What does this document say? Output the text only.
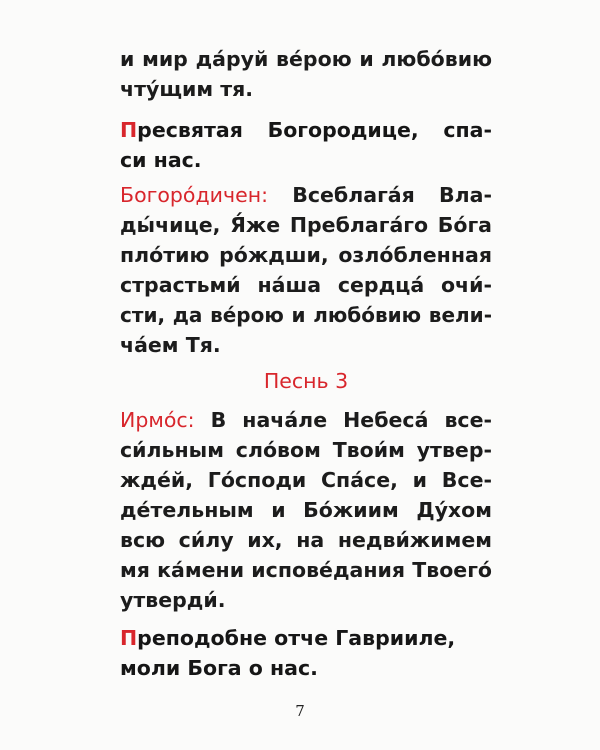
и мир да́руй ве́рою и любо́вию
чту́щим тя.
Пресвятая Богородице, спа-
си нас.
Богоро́дичен: Всеблага́я Вла-
ды́чице, Я́же Преблага́го Бо́га
пло́тию ро́ждши, озло́бленная
страстьми́ на́ша сердца́ очи́-
сти, да ве́рою и любо́вию вели-
ча́ем Тя.
Песнь 3
Ирмо́с: В нача́ле Небеса́ все-
си́льным сло́вом Твои́м утвер-
жде́й, Го́споди Спа́се, и Все-
де́тельным и Бо́жиим Ду́хом
всю си́лу их, на недви́жимем
мя ка́мени испове́дания Твоего́
утверди́.
Преподобне отче Гаврииле,
моли Бога о нас.
7
